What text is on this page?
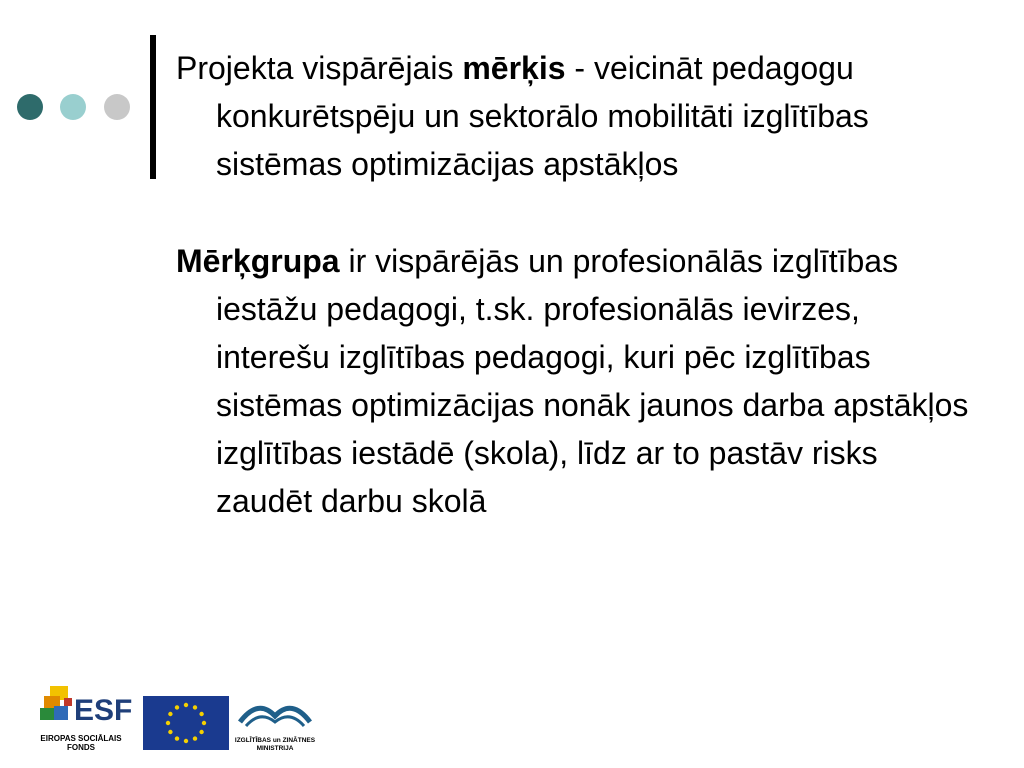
Projekta vispārējais mērķis - veicināt pedagogu konkurētspēju un sektorālo mobilitāti izglītības sistēmas optimizācijas apstākļos

Mērķgrupa ir vispārējās un profesionālās izglītības iestāžu pedagogi, t.sk. profesionālās ievirzes, interešu izglītības pedagogi, kuri pēc izglītības sistēmas optimizācijas nonāk jaunos darba apstākļos izglītības iestādē (skola), līdz ar to pastāv risks zaudēt darbu skolā

ESF
EIROPAS SOCIĀLAIS
FONDS
IZGLĪTĪBAS un ZINĀTNES
MINISTRIJA
